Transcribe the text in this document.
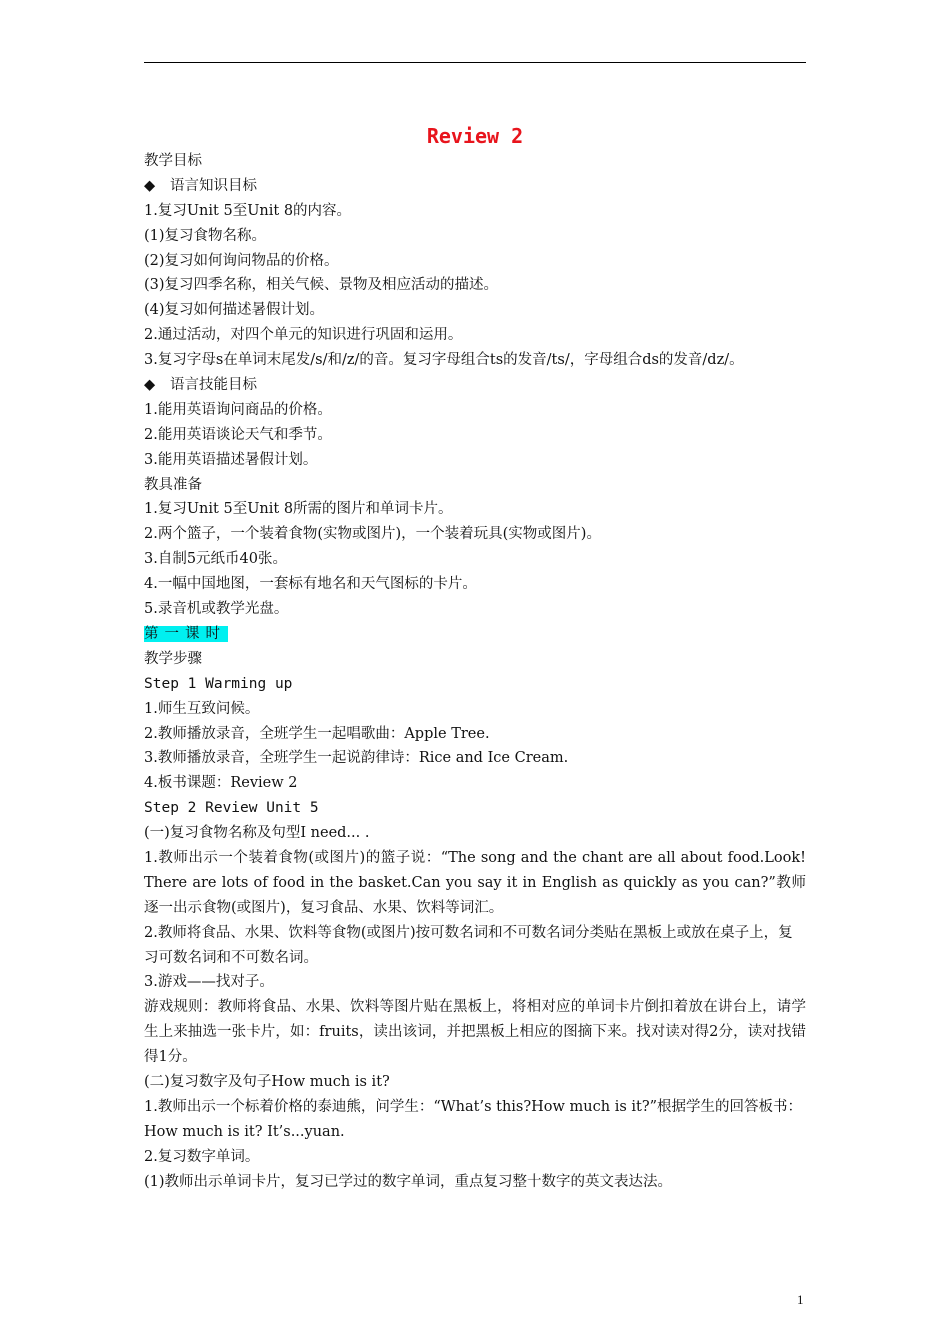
Review 2
教学目标
◆ 语言知识目标
1.复习Unit 5至Unit 8的内容。
(1)复习食物名称。
(2)复习如何询问物品的价格。
(3)复习四季名称，相关气候、景物及相应活动的描述。
(4)复习如何描述暑假计划。
2.通过活动，对四个单元的知识进行巩固和运用。
3.复习字母s在单词末尾发/s/和/z/的音。复习字母组合ts的发音/ts/，字母组合ds的发音/dz/。
◆ 语言技能目标
1.能用英语询问商品的价格。
2.能用英语谈论天气和季节。
3.能用英语描述暑假计划。
教具准备
1.复习Unit 5至Unit 8所需的图片和单词卡片。
2.两个篮子，一个装着食物(实物或图片)，一个装着玩具(实物或图片)。
3.自制5元纸币40张。
4.一幅中国地图，一套标有地名和天气图标的卡片。
5.录音机或教学光盘。
第一课时
教学步骤
Step 1 Warming up
1.师生互致问候。
2.教师播放录音，全班学生一起唱歌曲：Apple Tree.
3.教师播放录音，全班学生一起说韵律诗：Rice and Ice Cream.
4.板书课题：Review 2
Step 2 Review Unit 5
(一)复习食物名称及句型I need... .
1.教师出示一个装着食物(或图片)的篮子说：“The song and the chant are all about food.Look! There are lots of food in the basket.Can you say it in English as quickly as you can?”教师逐一出示食物(或图片)，复习食品、水果、饮料等词汇。
2.教师将食品、水果、饮料等食物(或图片)按可数名词和不可数名词分类贴在黑板上或放在桌子上，复习可数名词和不可数名词。
3.游戏——找对子。
游戏规则：教师将食品、水果、饮料等图片贴在黑板上，将相对应的单词卡片倒扣着放在讲台上，请学生上来抽选一张卡片，如：fruits，读出该词，并把黑板上相应的图摘下来。找对读对得2分，读对找错得1分。
(二)复习数字及句子How much is it?
1.教师出示一个标着价格的泰迪熊，问学生：“What’s this?How much is it?”根据学生的回答板书：How much is it? It’s...yuan.
2.复习数字单词。
(1)教师出示单词卡片，复习已学过的数字单词，重点复习整十数字的英文表达法。
1
